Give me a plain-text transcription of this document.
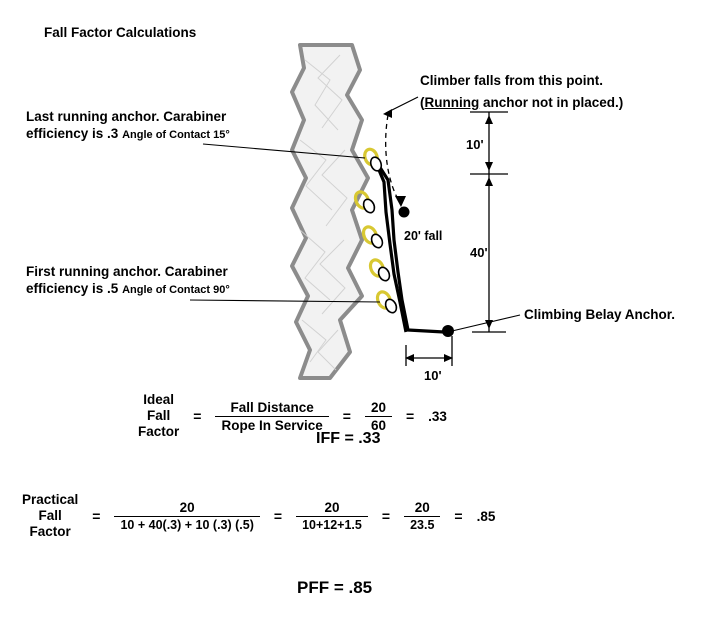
Fall Factor Calculations
Climber falls from this point.
(Running anchor not in placed.)
Last running anchor. Carabiner
efficiency is .3 Angle of Contact 15°
First running anchor. Carabiner
efficiency is .5 Angle of Contact 90°
Climbing Belay Anchor.
10'
40'
10'
20' fall
Ideal
Fall
Factor
= $\frac{\text{Fall Distance}}{\text{Rope In Service}} = \frac{20}{60} = .33$
IFF = .33
Practical
Fall
Factor
= $\frac{20}{10 + 40(.3) + 10 (.3) (.5)} = \frac{20}{10+12+1.5} = \frac{20}{23.5} = .85$
PFF = .85
